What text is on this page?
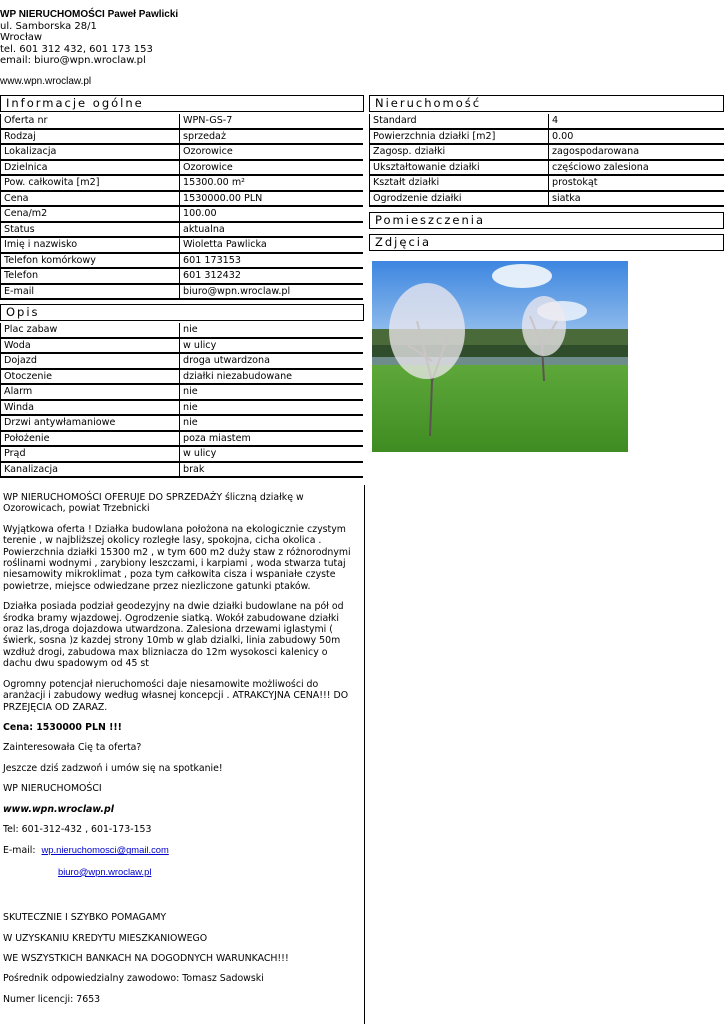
WP NIERUCHOMOŚCI Paweł Pawlicki
ul. Samborska 28/1
Wrocław
tel. 601 312 432, 601 173 153
email: biuro@wpn.wroclaw.pl
www.wpn.wroclaw.pl
Informacje ogólne
Oferta nr	WPN-GS-7
Rodzaj	sprzedaż
Lokalizacja	Ozorowice
Dzielnica	Ozorowice
Pow. całkowita [m2]	15300.00 m²
Cena	1530000.00 PLN
Cena/m2	100.00
Status	aktualna
Imię i nazwisko	Wioletta Pawlicka
Telefon komórkowy	601 173153
Telefon	601 312432
E-mail	biuro@wpn.wroclaw.pl
Opis
Plac zabaw	nie
Woda	w ulicy
Dojazd	droga utwardzona
Otoczenie	działki niezabudowane
Alarm	nie
Winda	nie
Drzwi antywłamaniowe	nie
Położenie	poza miastem
Prąd	w ulicy
Kanalizacja	brak
Nieruchomość
Standard	4
Powierzchnia działki [m2]	0.00
Zagosp. działki	zagospodarowana
Ukształtowanie działki	częściowo zalesiona
Kształt działki	prostokąt
Ogrodzenie działki	siatka
Pomieszczenia
Zdjęcia

WP NIERUCHOMOŚCI OFERUJE DO SPRZEDAŻY śliczną działkę w Ozorowicach, powiat Trzebnicki

Wyjątkowa oferta ! Działka budowlana położona na ekologicznie czystym terenie , w najbliższej okolicy rozległe lasy, spokojna, cicha okolica . Powierzchnia działki 15300 m2 , w tym 600 m2 duży staw z różnorodnymi roślinami wodnymi , zarybiony leszczami, i karpiami , woda stwarza tutaj niesamowity mikroklimat , poza tym całkowita cisza i wspaniałe czyste powietrze, miejsce odwiedzane przez niezliczone gatunki ptaków.

Działka posiada podział geodezyjny na dwie działki budowlane na pół od środka bramy wjazdowej. Ogrodzenie siatką. Wokół zabudowane działki oraz las,droga dojazdowa utwardzona. Zalesiona drzewami iglastymi ( świerk, sosna )z kazdej strony 10mb w glab dzialki, linia zabudowy 50m wzdłuż drogi, zabudowa max blizniacza do 12m wysokosci kalenicy o dachu dwu spadowym od 45 st

Ogromny potencjał nieruchomości daje niesamowite możliwości do aranżacji i zabudowy według własnej koncepcji . ATRAKCYJNA CENA!!! DO PRZEJĘCIA OD ZARAZ.

Cena: 1530000 PLN !!!

Zainteresowała Cię ta oferta?

Jeszcze dziś zadzwoń i umów się na spotkanie!

WP NIERUCHOMOŚCI

www.wpn.wroclaw.pl

Tel: 601-312-432 , 601-173-153

E-mail: wp.nieruchomosci@gmail.com

biuro@wpn.wroclaw.pl

SKUTECZNIE I SZYBKO POMAGAMY

W UZYSKANIU KREDYTU MIESZKANIOWEGO

WE WSZYSTKICH BANKACH NA DOGODNYCH WARUNKACH!!!

Pośrednik odpowiedzialny zawodowo: Tomasz Sadowski

Numer licencji: 7653
